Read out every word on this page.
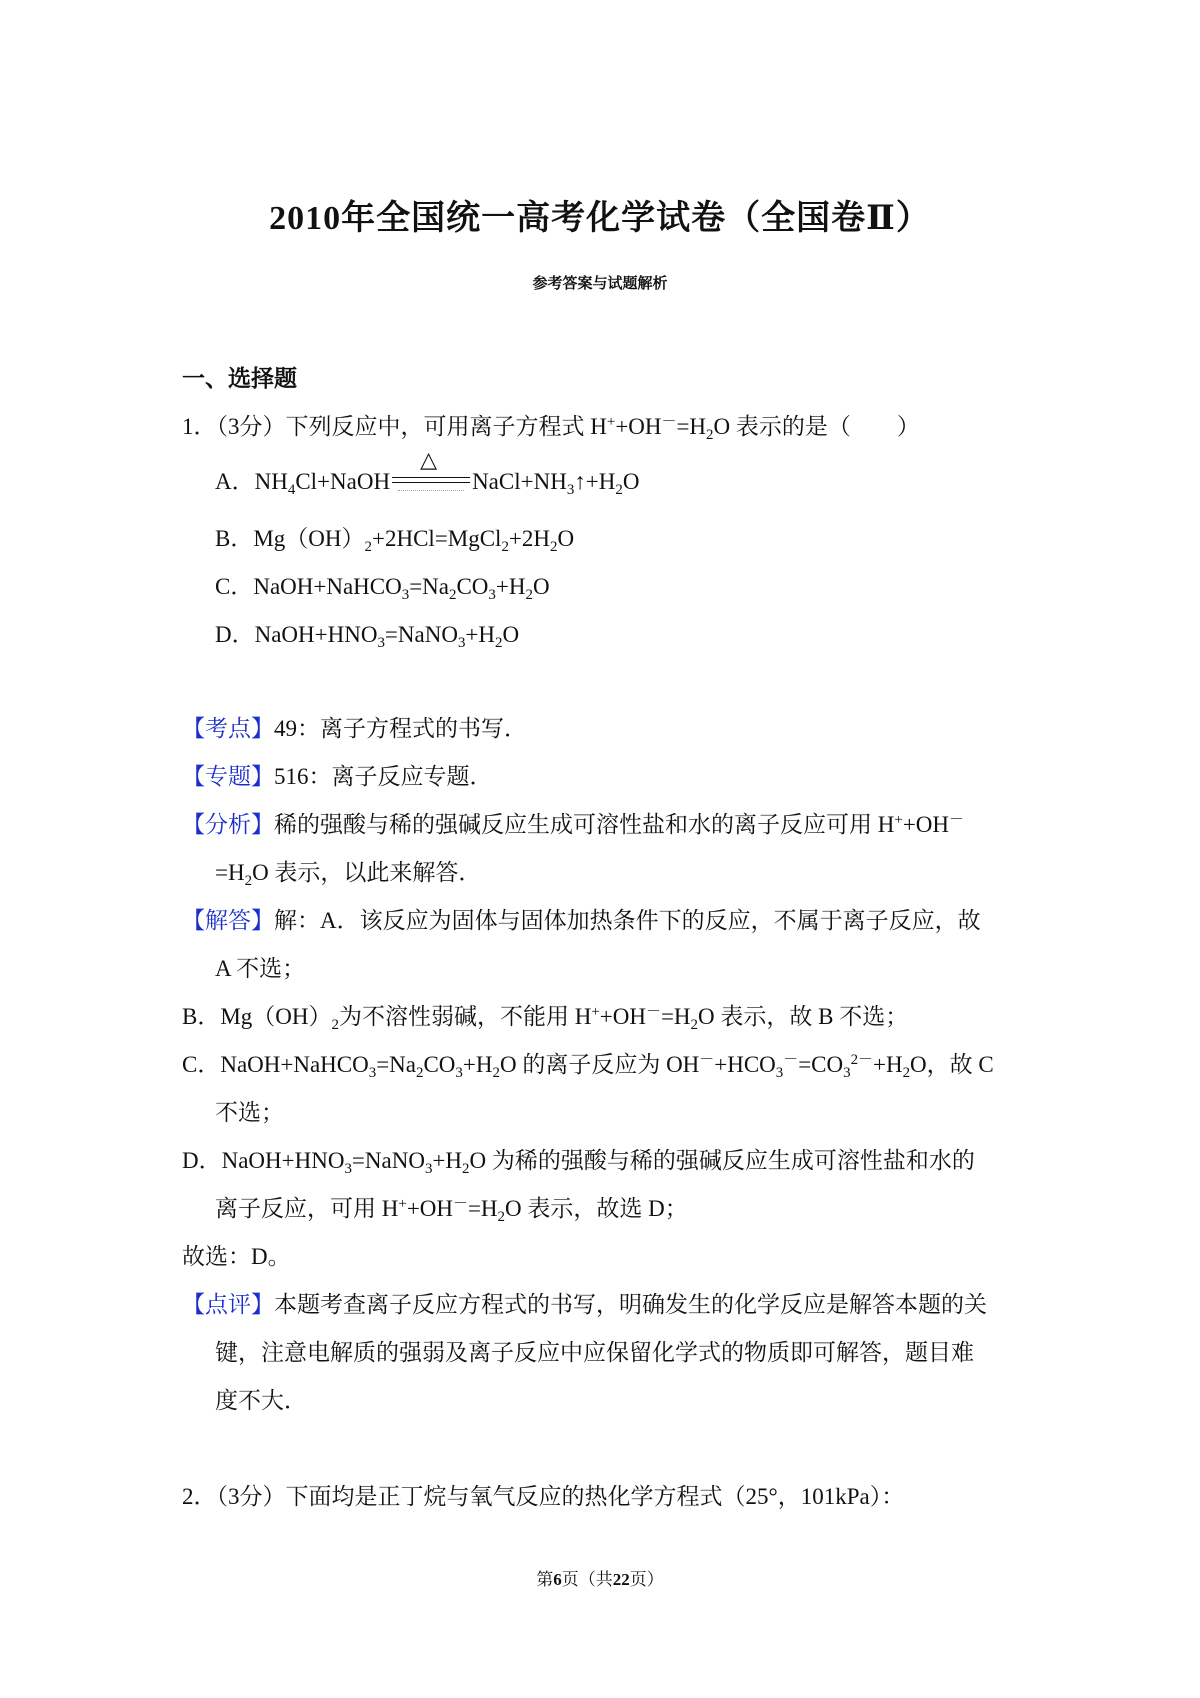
2010年全国统一高考化学试卷（全国卷Ⅱ）
参考答案与试题解析
一、选择题
1．（3分）下列反应中，可用离子方程式 $H^++OH^-=H_2O$ 表示的是（　　）
A．$NH_4Cl+NaOH$
△
$NaCl+NH_3↑+H_2O$
B．$Mg(OH)_2+2HCl=MgCl_2+2H_2O$
C．$NaOH+NaHCO_3=Na_2CO_3+H_2O$
D．$NaOH+HNO_3=NaNO_3+H_2O$
【考点】49：离子方程式的书写．
【专题】516：离子反应专题．
【分析】稀的强酸与稀的强碱反应生成可溶性盐和水的离子反应可用 H++OH－
$=H_2O$ 表示，以此来解答．
【解答】解：A．该反应为固体与固体加热条件下的反应，不属于离子反应，故
A 不选；
B．$Mg(OH)_2$为不溶性弱碱，不能用 $H^++OH^-=H_2O$ 表示，故 B 不选；
C．$NaOH+NaHCO_3=Na_2CO_3+H_2O$ 的离子反应为 $OH^-+HCO_3^-=CO_3^{2-}+H_2O$，故 C
不选；
D．$NaOH+HNO_3=NaNO_3+H_2O$ 为稀的强酸与稀的强碱反应生成可溶性盐和水的
离子反应，可用 $H^++OH^-=H_2O$ 表示，故选 D；
故选：D。
【点评】本题考查离子反应方程式的书写，明确发生的化学反应是解答本题的关
键，注意电解质的强弱及离子反应中应保留化学式的物质即可解答，题目难
度不大．
2．（3分）下面均是正丁烷与氧气反应的热化学方程式（25°，101kPa）：
第6页（共22页）
